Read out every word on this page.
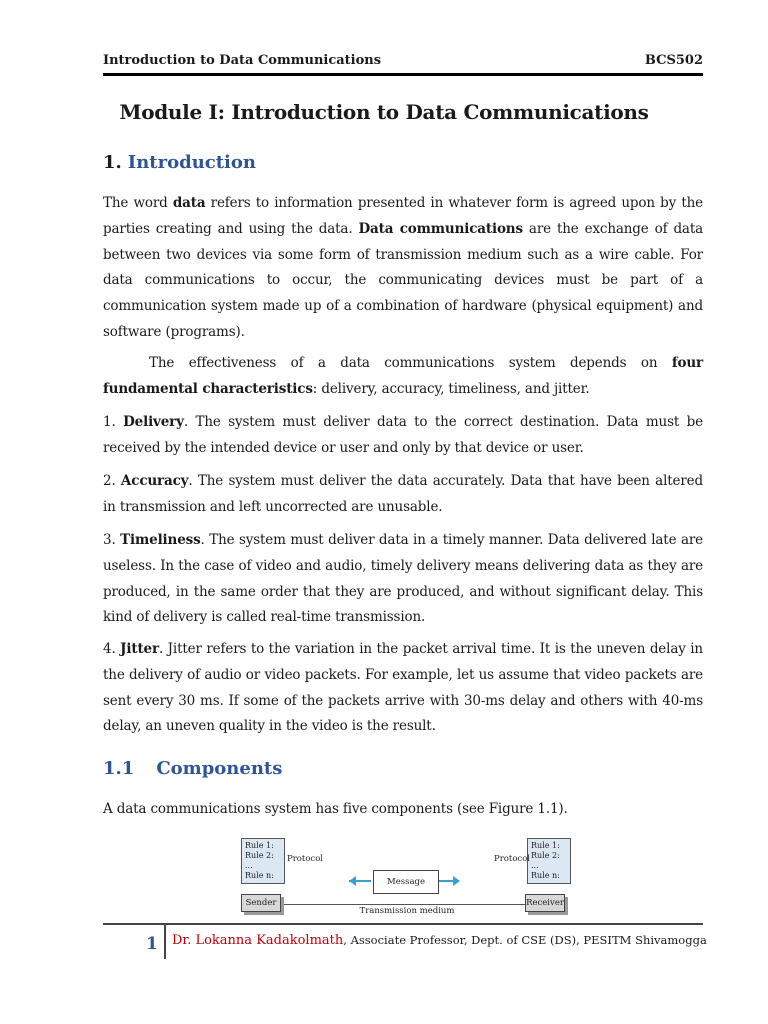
Introduction to Data Communications	BCS502
Module I: Introduction to Data Communications
1. Introduction

The word data refers to information presented in whatever form is agreed upon by the parties creating and using the data. Data communications are the exchange of data between two devices via some form of transmission medium such as a wire cable. For data communications to occur, the communicating devices must be part of a communication system made up of a combination of hardware (physical equipment) and software (programs).

The effectiveness of a data communications system depends on four fundamental characteristics: delivery, accuracy, timeliness, and jitter.

1. Delivery. The system must deliver data to the correct destination. Data must be received by the intended device or user and only by that device or user.

2. Accuracy. The system must deliver the data accurately. Data that have been altered in transmission and left uncorrected are unusable.

3. Timeliness. The system must deliver data in a timely manner. Data delivered late are useless. In the case of video and audio, timely delivery means delivering data as they are produced, in the same order that they are produced, and without significant delay. This kind of delivery is called real-time transmission.

4. Jitter. Jitter refers to the variation in the packet arrival time. It is the uneven delay in the delivery of audio or video packets. For example, let us assume that video packets are sent every 30 ms. If some of the packets arrive with 30-ms delay and others with 40-ms delay, an uneven quality in the video is the result.

1.1 Components

A data communications system has five components (see Figure 1.1).

Rule 1:
Rule 2:
...
Rule n:
Rule 1:
Rule 2:
...
Rule n:
Protocol	Protocol
Message
Sender	Receiver
Transmission medium
1 Dr. Lokanna Kadakolmath, Associate Professor, Dept. of CSE (DS), PESITM Shivamogga
